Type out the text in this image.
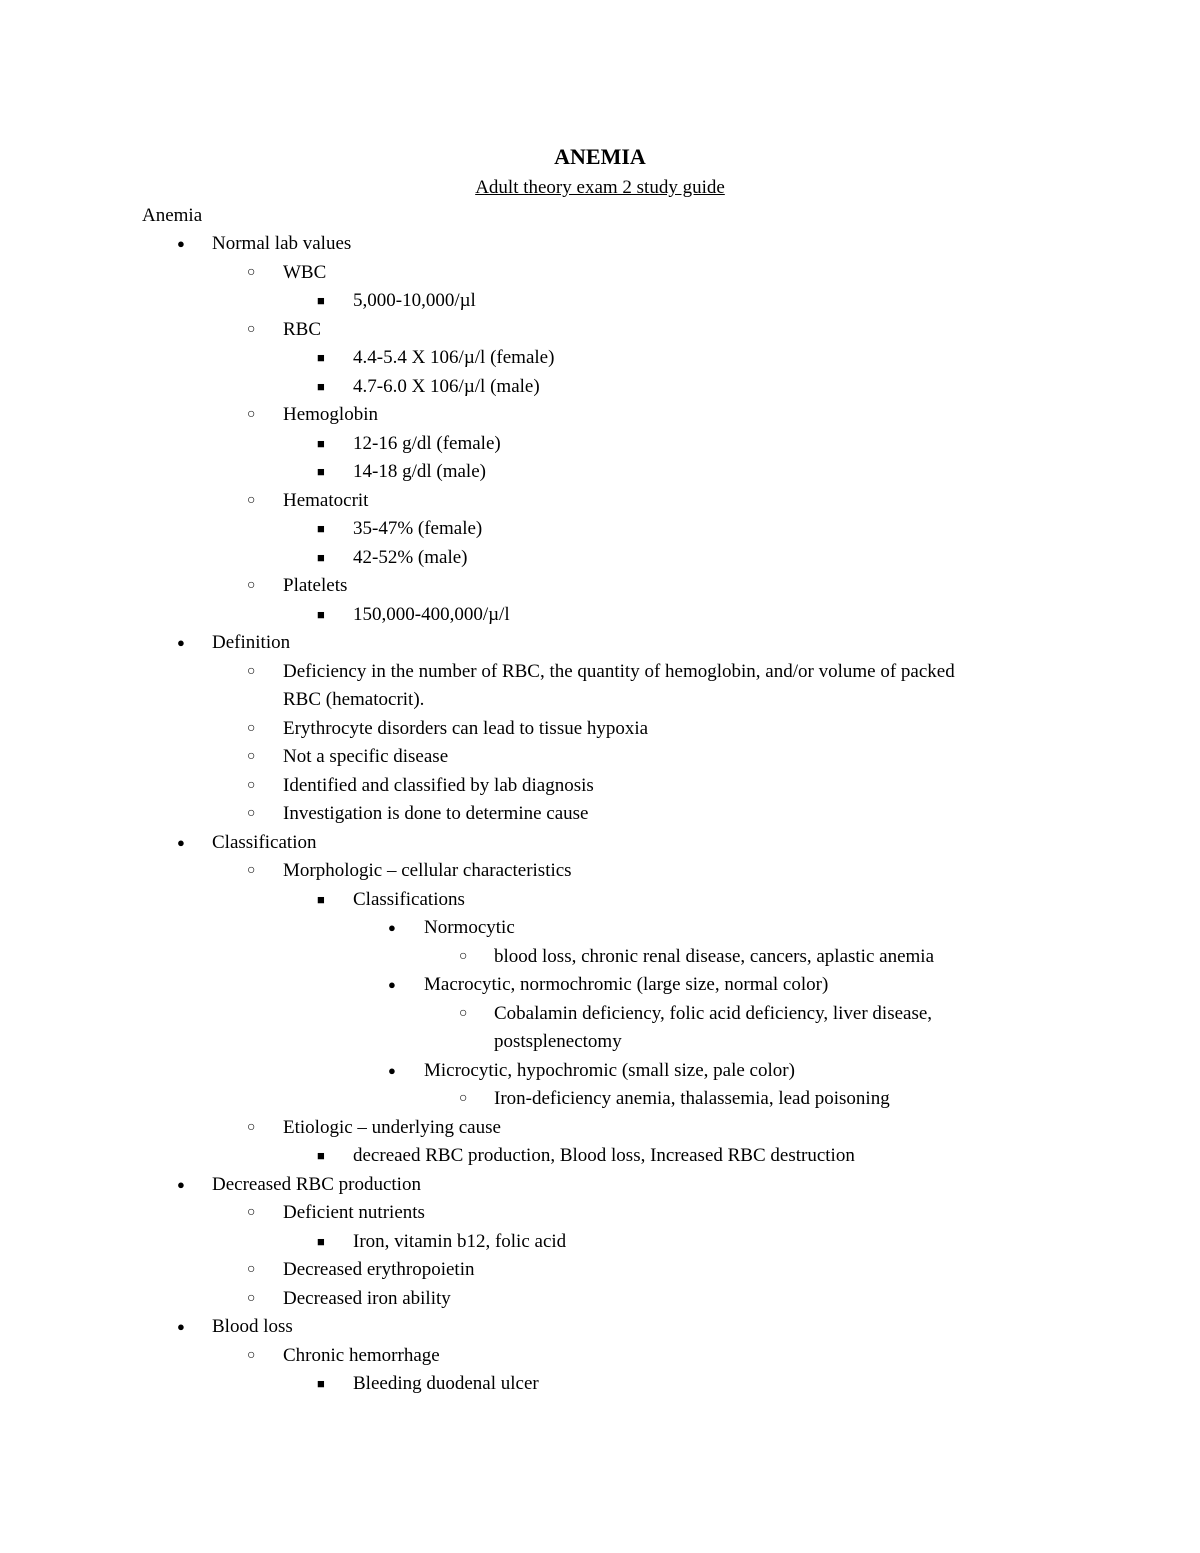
ANEMIA
Adult theory exam 2 study guide
Anemia
● Normal lab values
○ WBC
■ 5,000-10,000/µl
○ RBC
■ 4.4-5.4 X 106/µ/l (female)
■ 4.7-6.0 X 106/µ/l (male)
○ Hemoglobin
■ 12-16 g/dl (female)
■ 14-18 g/dl (male)
○ Hematocrit
■ 35-47% (female)
■ 42-52% (male)
○ Platelets
■ 150,000-400,000/µ/l
● Definition
○ Deficiency in the number of RBC, the quantity of hemoglobin, and/or volume of packed
RBC (hematocrit).
○ Erythrocyte disorders can lead to tissue hypoxia
○ Not a specific disease
○ Identified and classified by lab diagnosis
○ Investigation is done to determine cause
● Classification
○ Morphologic – cellular characteristics
■ Classifications
● Normocytic
○ blood loss, chronic renal disease, cancers, aplastic anemia
● Macrocytic, normochromic (large size, normal color)
○ Cobalamin deficiency, folic acid deficiency, liver disease,
postsplenectomy
● Microcytic, hypochromic (small size, pale color)
○ Iron-deficiency anemia, thalassemia, lead poisoning
○ Etiologic – underlying cause
■ decreaed RBC production, Blood loss, Increased RBC destruction
● Decreased RBC production
○ Deficient nutrients
■ Iron, vitamin b12, folic acid
○ Decreased erythropoietin
○ Decreased iron ability
● Blood loss
○ Chronic hemorrhage
■ Bleeding duodenal ulcer
